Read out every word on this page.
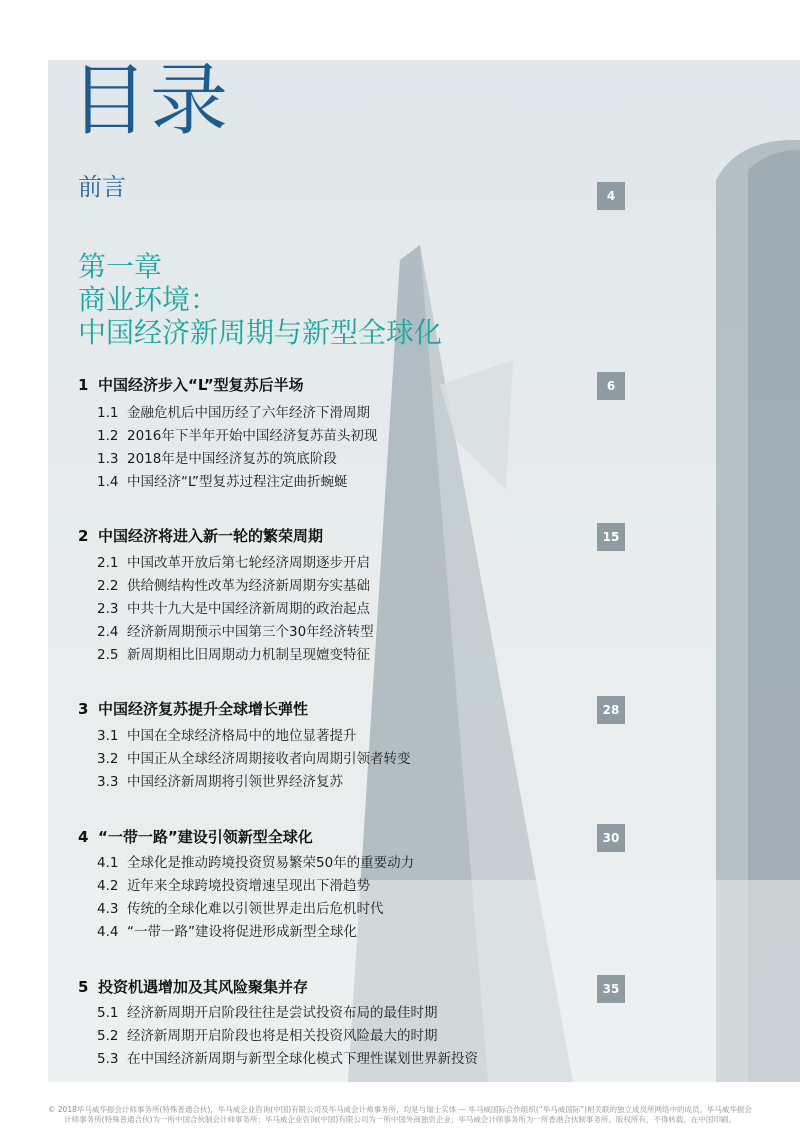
目录
前言	4
第一章
商业环境：
中国经济新周期与新型全球化
1 中国经济步入“L”型复苏后半场	6
1.1 金融危机后中国历经了六年经济下滑周期
1.2 2016年下半年开始中国经济复苏苗头初现
1.3 2018年是中国经济复苏的筑底阶段
1.4 中国经济“L”型复苏过程注定曲折蜿蜒
2 中国经济将进入新一轮的繁荣周期	15
2.1 中国改革开放后第七轮经济周期逐步开启
2.2 供给侧结构性改革为经济新周期夯实基础
2.3 中共十九大是中国经济新周期的政治起点
2.4 经济新周期预示中国第三个30年经济转型
2.5 新周期相比旧周期动力机制呈现嬗变特征
3 中国经济复苏提升全球增长弹性	28
3.1 中国在全球经济格局中的地位显著提升
3.2 中国正从全球经济周期接收者向周期引领者转变
3.3 中国经济新周期将引领世界经济复苏
4 “一带一路”建设引领新型全球化	30
4.1 全球化是推动跨境投资贸易繁荣50年的重要动力
4.2 近年来全球跨境投资增速呈现出下滑趋势
4.3 传统的全球化难以引领世界走出后危机时代
4.4 “一带一路”建设将促进形成新型全球化
5 投资机遇增加及其风险聚集并存	35
5.1 经济新周期开启阶段往往是尝试投资布局的最佳时期
5.2 经济新周期开启阶段也将是相关投资风险最大的时期
5.3 在中国经济新周期与新型全球化模式下理性谋划世界新投资
© 2018毕马威华振会计师事务所(特殊普通合伙)，毕马威企业咨询(中国)有限公司及毕马威会计师事务所，均是与瑞士实体 — 毕马威国际合作组织(“毕马威国际”)相关联的独立成员所网络中的成员。毕马威华振会
计师事务所(特殊普通合伙)为一所中国合伙制会计师事务所；毕马威企业咨询(中国)有限公司为一所中国外商独资企业；毕马威会计师事务所为一所香港合伙制事务所。版权所有，不得转载。在中国印刷。
